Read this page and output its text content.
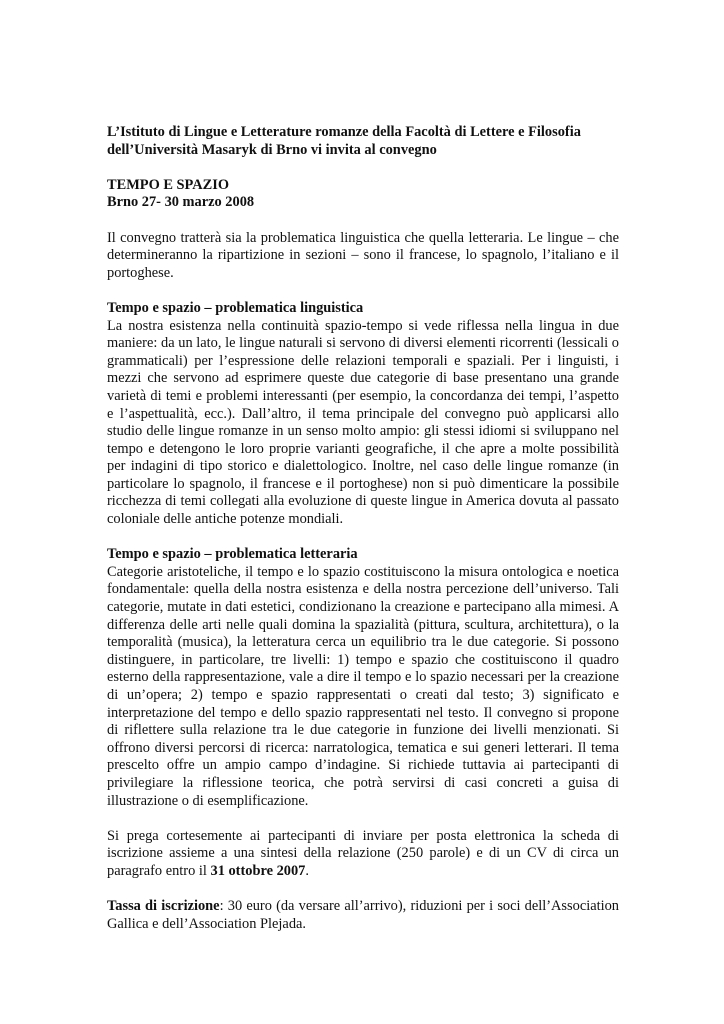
L’Istituto di Lingue e Letterature romanze della Facoltà di Lettere e Filosofia

dell’Università Masaryk di Brno vi invita al convegno

TEMPO E SPAZIO

Brno 27- 30 marzo 2008

Il convegno tratterà sia la problematica linguistica che quella letteraria. Le lingue – che determineranno la ripartizione in sezioni – sono il francese, lo spagnolo, l’italiano e il portoghese.

Tempo e spazio – problematica linguistica

La nostra esistenza nella continuità spazio-tempo si vede riflessa nella lingua in due maniere: da un lato, le lingue naturali si servono di diversi elementi ricorrenti (lessicali o grammaticali) per l’espressione delle relazioni temporali e spaziali. Per i linguisti, i mezzi che servono ad esprimere queste due categorie di base presentano una grande varietà di temi e problemi interessanti (per esempio, la concordanza dei tempi, l’aspetto e l’aspettualità, ecc.). Dall’altro, il tema principale del convegno può applicarsi allo studio delle lingue romanze in un senso molto ampio: gli stessi idiomi si sviluppano nel tempo e detengono le loro proprie varianti geografiche, il che apre a molte possibilità per indagini di tipo storico e dialettologico. Inoltre, nel caso delle lingue romanze (in particolare lo spagnolo, il francese e il portoghese) non si può dimenticare la possibile ricchezza di temi collegati alla evoluzione di queste lingue in America dovuta al passato coloniale delle antiche potenze mondiali.

Tempo e spazio – problematica letteraria

Categorie aristoteliche, il tempo e lo spazio costituiscono la misura ontologica e noetica fondamentale: quella della nostra esistenza e della nostra percezione dell’universo. Tali categorie, mutate in dati estetici, condizionano la creazione e partecipano alla mimesi. A differenza delle arti nelle quali domina la spazialità (pittura, scultura, architettura), o la temporalità (musica), la letteratura cerca un equilibrio tra le due categorie. Si possono distinguere, in particolare, tre livelli: 1) tempo e spazio che costituiscono il quadro esterno della rappresentazione, vale a dire il tempo e lo spazio necessari per la creazione di un’opera; 2) tempo e spazio rappresentati o creati dal testo; 3) significato e interpretazione del tempo e dello spazio rappresentati nel testo. Il convegno si propone di riflettere sulla relazione tra le due categorie in funzione dei livelli menzionati. Si offrono diversi percorsi di ricerca: narratologica, tematica e sui generi letterari. Il tema prescelto offre un ampio campo d’indagine. Si richiede tuttavia ai partecipanti di privilegiare la riflessione teorica, che potrà servirsi di casi concreti a guisa di illustrazione o di esemplificazione.

Si prega cortesemente ai partecipanti di inviare per posta elettronica la scheda di iscrizione assieme a una sintesi della relazione (250 parole) e di un CV di circa un paragrafo entro il 31 ottobre 2007.

Tassa di iscrizione: 30 euro (da versare all’arrivo), riduzioni per i soci dell’Association Gallica e dell’Association Plejada.
